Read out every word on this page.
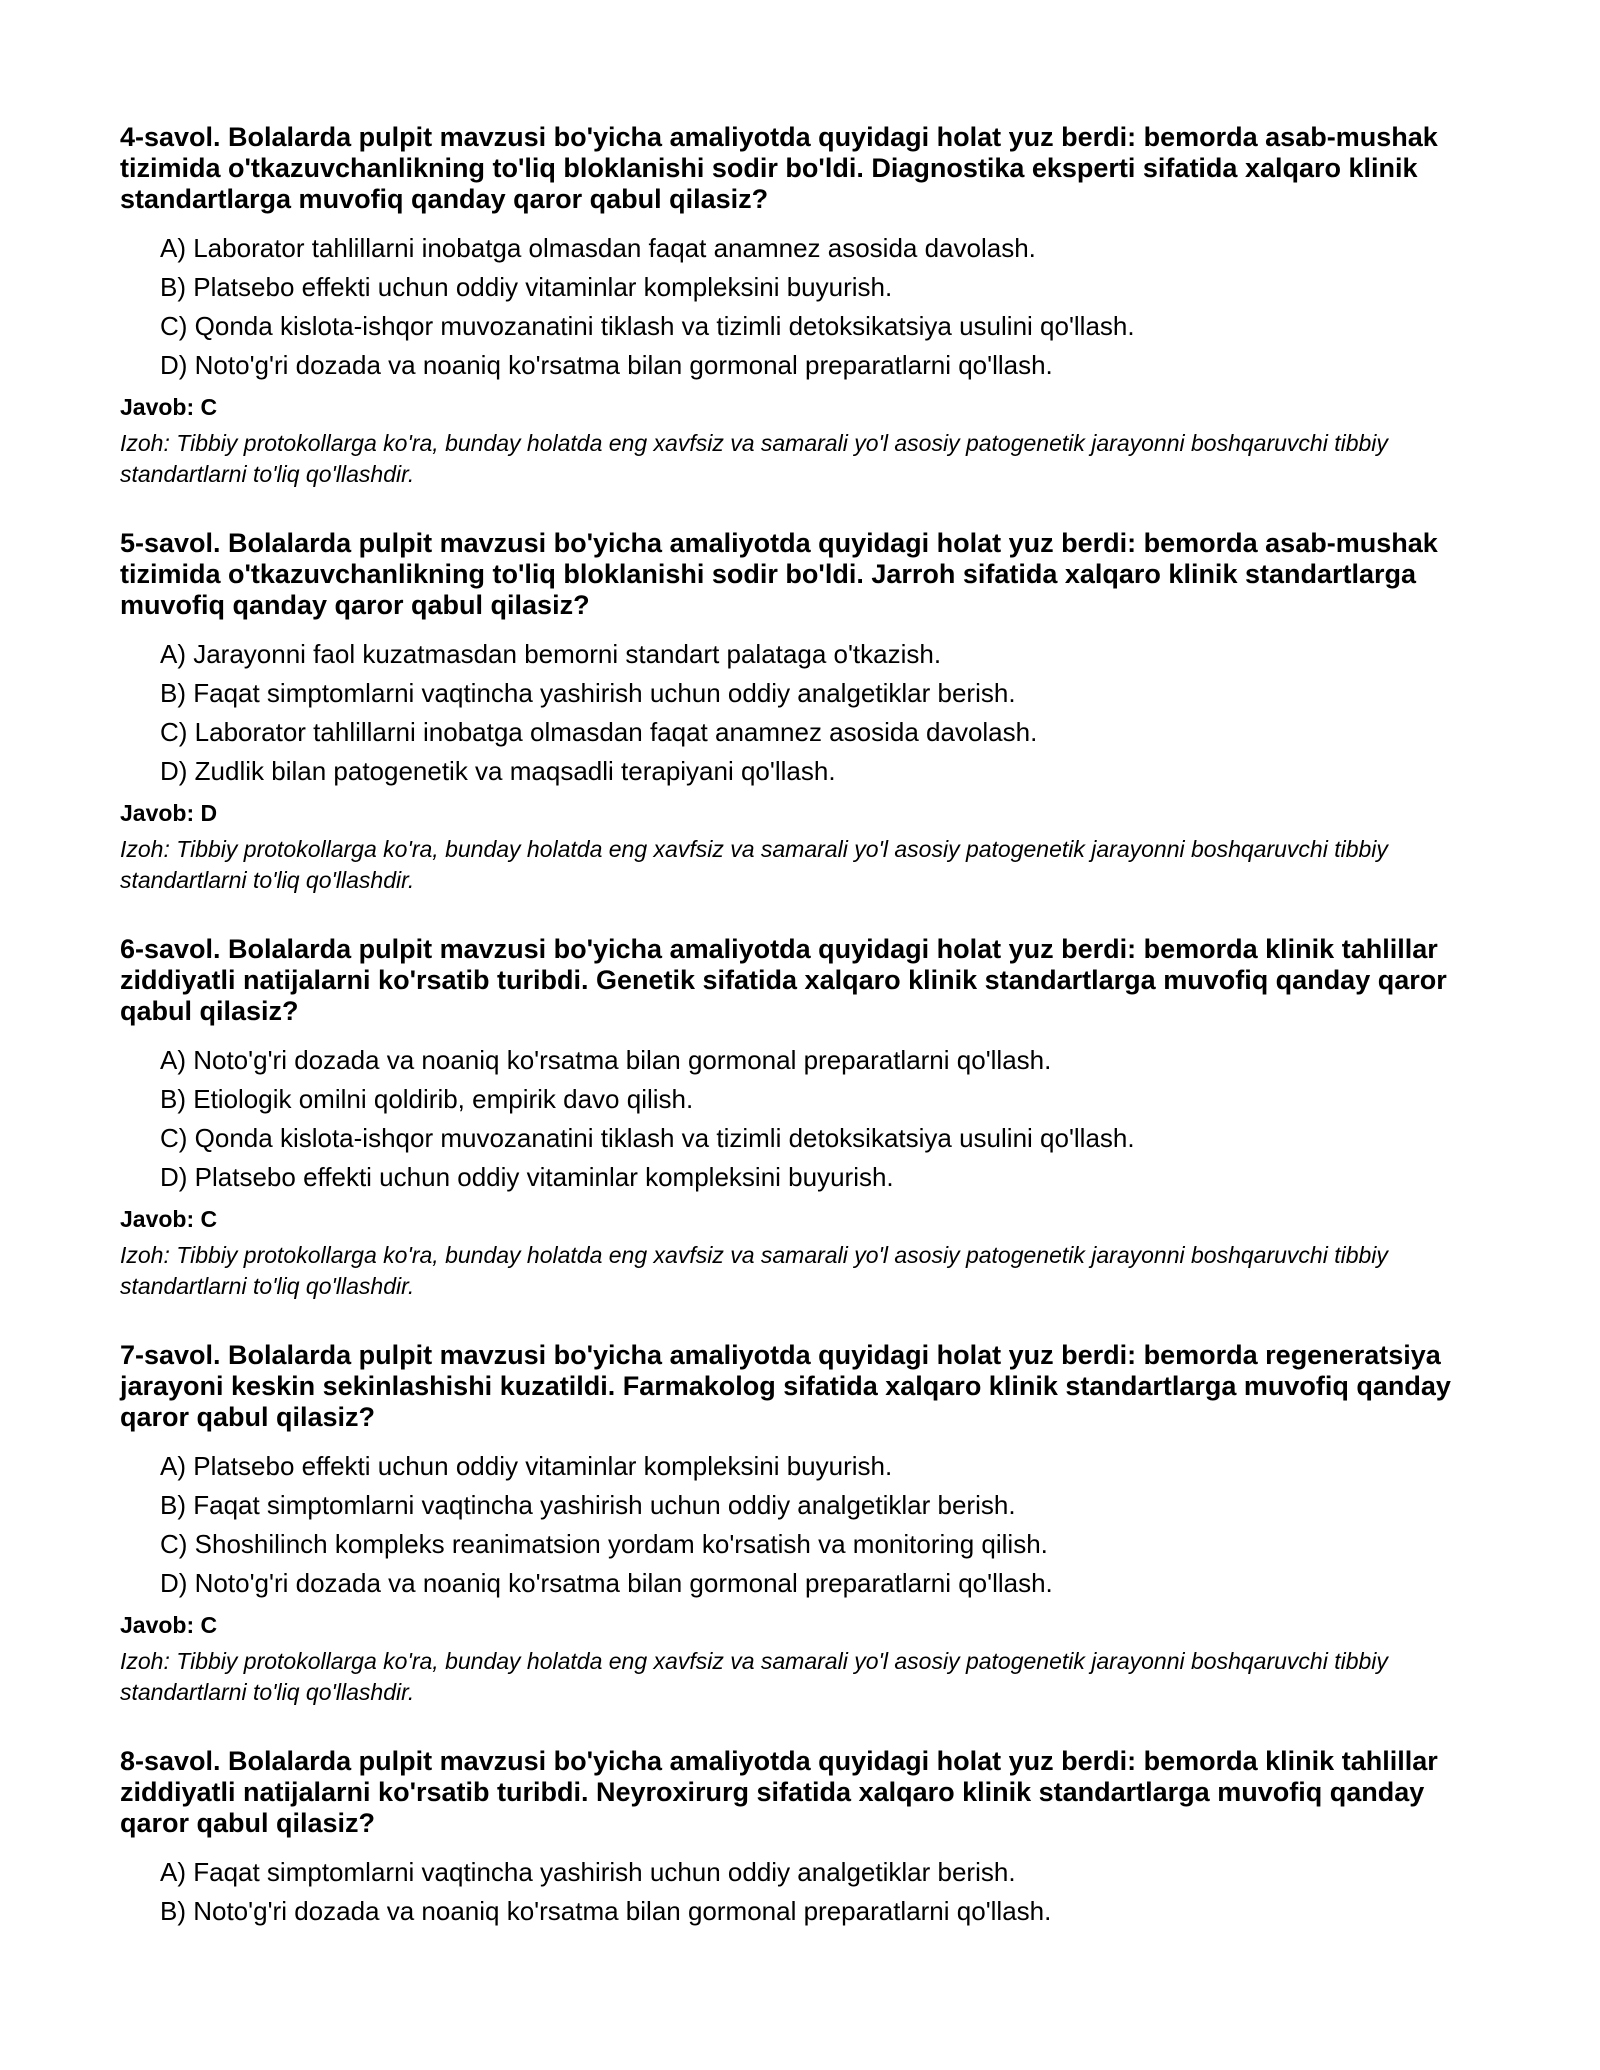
4-savol. Bolalarda pulpit mavzusi bo'yicha amaliyotda quyidagi holat yuz berdi: bemorda asab-mushak tizimida o'tkazuvchanlikning to'liq bloklanishi sodir bo'ldi. Diagnostika eksperti sifatida xalqaro klinik standartlarga muvofiq qanday qaror qabul qilasiz?
A) Laborator tahlillarni inobatga olmasdan faqat anamnez asosida davolash.
B) Platsebo effekti uchun oddiy vitaminlar kompleksini buyurish.
C) Qonda kislota-ishqor muvozanatini tiklash va tizimli detoksikatsiya usulini qo'llash.
D) Noto'g'ri dozada va noaniq ko'rsatma bilan gormonal preparatlarni qo'llash.
Javob: C
Izoh: Tibbiy protokollarga ko'ra, bunday holatda eng xavfsiz va samarali yo'l asosiy patogenetik jarayonni boshqaruvchi tibbiy standartlarni to'liq qo'llashdir.
5-savol. Bolalarda pulpit mavzusi bo'yicha amaliyotda quyidagi holat yuz berdi: bemorda asab-mushak tizimida o'tkazuvchanlikning to'liq bloklanishi sodir bo'ldi. Jarroh sifatida xalqaro klinik standartlarga muvofiq qanday qaror qabul qilasiz?
A) Jarayonni faol kuzatmasdan bemorni standart palataga o'tkazish.
B) Faqat simptomlarni vaqtincha yashirish uchun oddiy analgetiklar berish.
C) Laborator tahlillarni inobatga olmasdan faqat anamnez asosida davolash.
D) Zudlik bilan patogenetik va maqsadli terapiyani qo'llash.
Javob: D
Izoh: Tibbiy protokollarga ko'ra, bunday holatda eng xavfsiz va samarali yo'l asosiy patogenetik jarayonni boshqaruvchi tibbiy standartlarni to'liq qo'llashdir.
6-savol. Bolalarda pulpit mavzusi bo'yicha amaliyotda quyidagi holat yuz berdi: bemorda klinik tahlillar ziddiyatli natijalarni ko'rsatib turibdi. Genetik sifatida xalqaro klinik standartlarga muvofiq qanday qaror qabul qilasiz?
A) Noto'g'ri dozada va noaniq ko'rsatma bilan gormonal preparatlarni qo'llash.
B) Etiologik omilni qoldirib, empirik davo qilish.
C) Qonda kislota-ishqor muvozanatini tiklash va tizimli detoksikatsiya usulini qo'llash.
D) Platsebo effekti uchun oddiy vitaminlar kompleksini buyurish.
Javob: C
Izoh: Tibbiy protokollarga ko'ra, bunday holatda eng xavfsiz va samarali yo'l asosiy patogenetik jarayonni boshqaruvchi tibbiy standartlarni to'liq qo'llashdir.
7-savol. Bolalarda pulpit mavzusi bo'yicha amaliyotda quyidagi holat yuz berdi: bemorda regeneratsiya jarayoni keskin sekinlashishi kuzatildi. Farmakolog sifatida xalqaro klinik standartlarga muvofiq qanday qaror qabul qilasiz?
A) Platsebo effekti uchun oddiy vitaminlar kompleksini buyurish.
B) Faqat simptomlarni vaqtincha yashirish uchun oddiy analgetiklar berish.
C) Shoshilinch kompleks reanimatsion yordam ko'rsatish va monitoring qilish.
D) Noto'g'ri dozada va noaniq ko'rsatma bilan gormonal preparatlarni qo'llash.
Javob: C
Izoh: Tibbiy protokollarga ko'ra, bunday holatda eng xavfsiz va samarali yo'l asosiy patogenetik jarayonni boshqaruvchi tibbiy standartlarni to'liq qo'llashdir.
8-savol. Bolalarda pulpit mavzusi bo'yicha amaliyotda quyidagi holat yuz berdi: bemorda klinik tahlillar ziddiyatli natijalarni ko'rsatib turibdi. Neyroxirurg sifatida xalqaro klinik standartlarga muvofiq qanday qaror qabul qilasiz?
A) Faqat simptomlarni vaqtincha yashirish uchun oddiy analgetiklar berish.
B) Noto'g'ri dozada va noaniq ko'rsatma bilan gormonal preparatlarni qo'llash.
